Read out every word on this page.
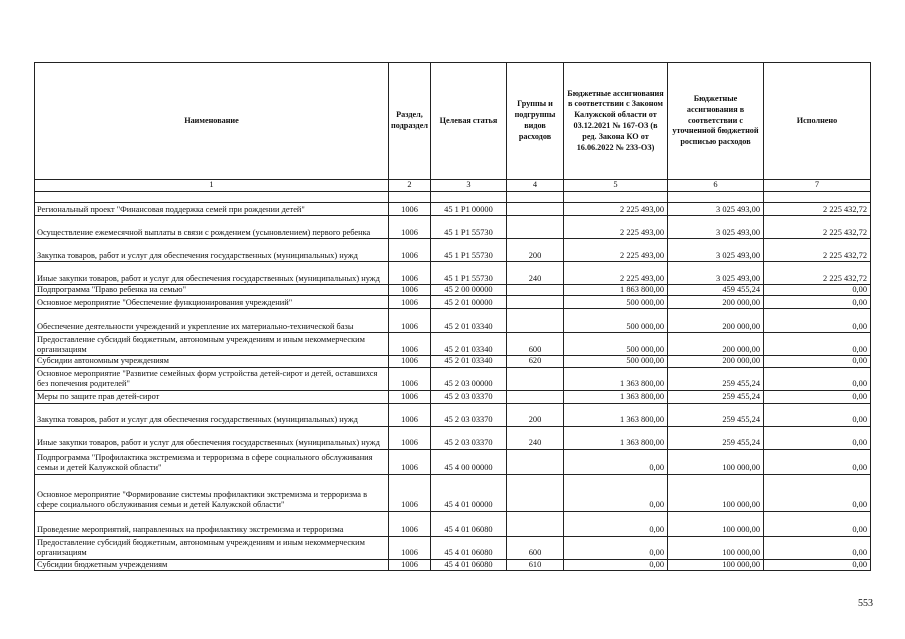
Наименование	Раздел, подраздел	Целевая статья	Группы и подгруппы видов расходов	Бюджетные ассигнования в соответствии с Законом Калужской области от 03.12.2021 № 167-ОЗ (в ред. Закона КО от 16.06.2022 № 233-ОЗ)	Бюджетные ассигнования в соответствии с уточненной бюджетной росписью расходов	Исполнено
1	2	3	4	5	6	7

Региональный проект "Финансовая поддержка семей при рождении детей"	1006	45 1 P1 00000		2 225 493,00	3 025 493,00	2 225 432,72
Осуществление ежемесячной выплаты в связи с рождением (усыновлением) первого ребенка	1006	45 1 P1 55730		2 225 493,00	3 025 493,00	2 225 432,72
Закупка товаров, работ и услуг для обеспечения государственных (муниципальных) нужд	1006	45 1 P1 55730	200	2 225 493,00	3 025 493,00	2 225 432,72
Иные закупки товаров, работ и услуг для обеспечения государственных (муниципальных) нужд	1006	45 1 P1 55730	240	2 225 493,00	3 025 493,00	2 225 432,72
Подпрограмма "Право ребенка на семью"	1006	45 2 00 00000		1 863 800,00	459 455,24	0,00
Основное мероприятие "Обеспечение функционирования учреждений"	1006	45 2 01 00000		500 000,00	200 000,00	0,00
Обеспечение деятельности учреждений и укрепление их материально-технической базы	1006	45 2 01 03340		500 000,00	200 000,00	0,00
Предоставление субсидий бюджетным, автономным учреждениям и иным некоммерческим организациям	1006	45 2 01 03340	600	500 000,00	200 000,00	0,00
Субсидии автономным учреждениям	1006	45 2 01 03340	620	500 000,00	200 000,00	0,00
Основное мероприятие "Развитие семейных форм устройства детей-сирот и детей, оставшихся без попечения родителей"	1006	45 2 03 00000		1 363 800,00	259 455,24	0,00
Меры по защите прав детей-сирот	1006	45 2 03 03370		1 363 800,00	259 455,24	0,00
Закупка товаров, работ и услуг для обеспечения государственных (муниципальных) нужд	1006	45 2 03 03370	200	1 363 800,00	259 455,24	0,00
Иные закупки товаров, работ и услуг для обеспечения государственных (муниципальных) нужд	1006	45 2 03 03370	240	1 363 800,00	259 455,24	0,00
Подпрограмма "Профилактика экстремизма и терроризма в сфере социального обслуживания семьи и детей Калужской области"	1006	45 4 00 00000		0,00	100 000,00	0,00
Основное мероприятие "Формирование системы профилактики экстремизма и терроризма в сфере социального обслуживания семьи и детей Калужской области"	1006	45 4 01 00000		0,00	100 000,00	0,00
Проведение мероприятий, направленных на профилактику экстремизма и терроризма	1006	45 4 01 06080		0,00	100 000,00	0,00
Предоставление субсидий бюджетным, автономным учреждениям и иным некоммерческим организациям	1006	45 4 01 06080	600	0,00	100 000,00	0,00
Субсидии бюджетным учреждениям	1006	45 4 01 06080	610	0,00	100 000,00	0,00
553
